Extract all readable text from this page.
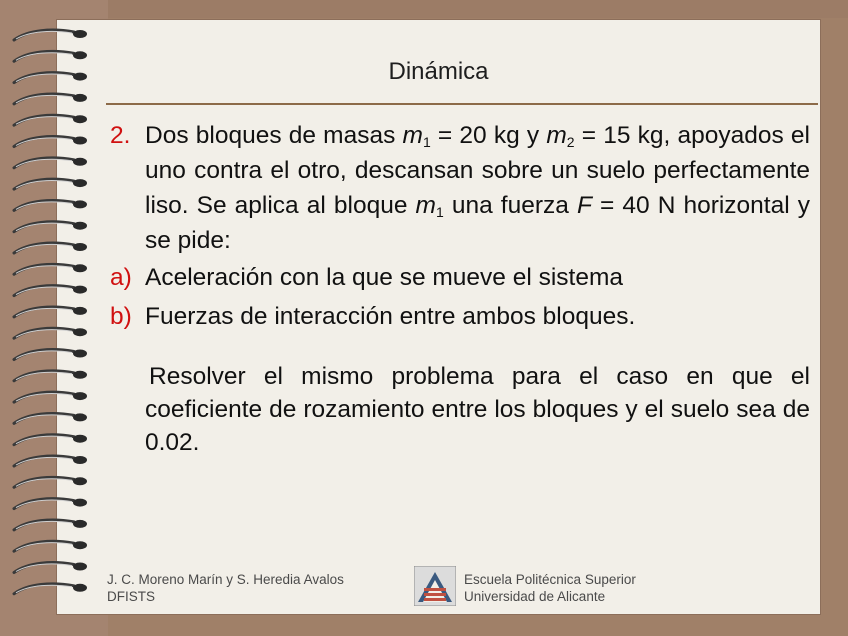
Dinámica
2. Dos bloques de masas $m_1 = 20$ kg y $m_2 = 15$ kg, apoyados el uno contra el otro, descansan sobre un suelo perfectamente liso. Se aplica al bloque $m_1$ una fuerza F = 40 N horizontal y se pide:
a) Aceleración con la que se mueve el sistema
b) Fuerzas de interacción entre ambos bloques.
Resolver el mismo problema para el caso en que el coeficiente de rozamiento entre los bloques y el suelo sea de 0.02.
J. C. Moreno Marín y S. Heredia Avalos
DFISTS
Escuela Politécnica Superior
Universidad de Alicante
